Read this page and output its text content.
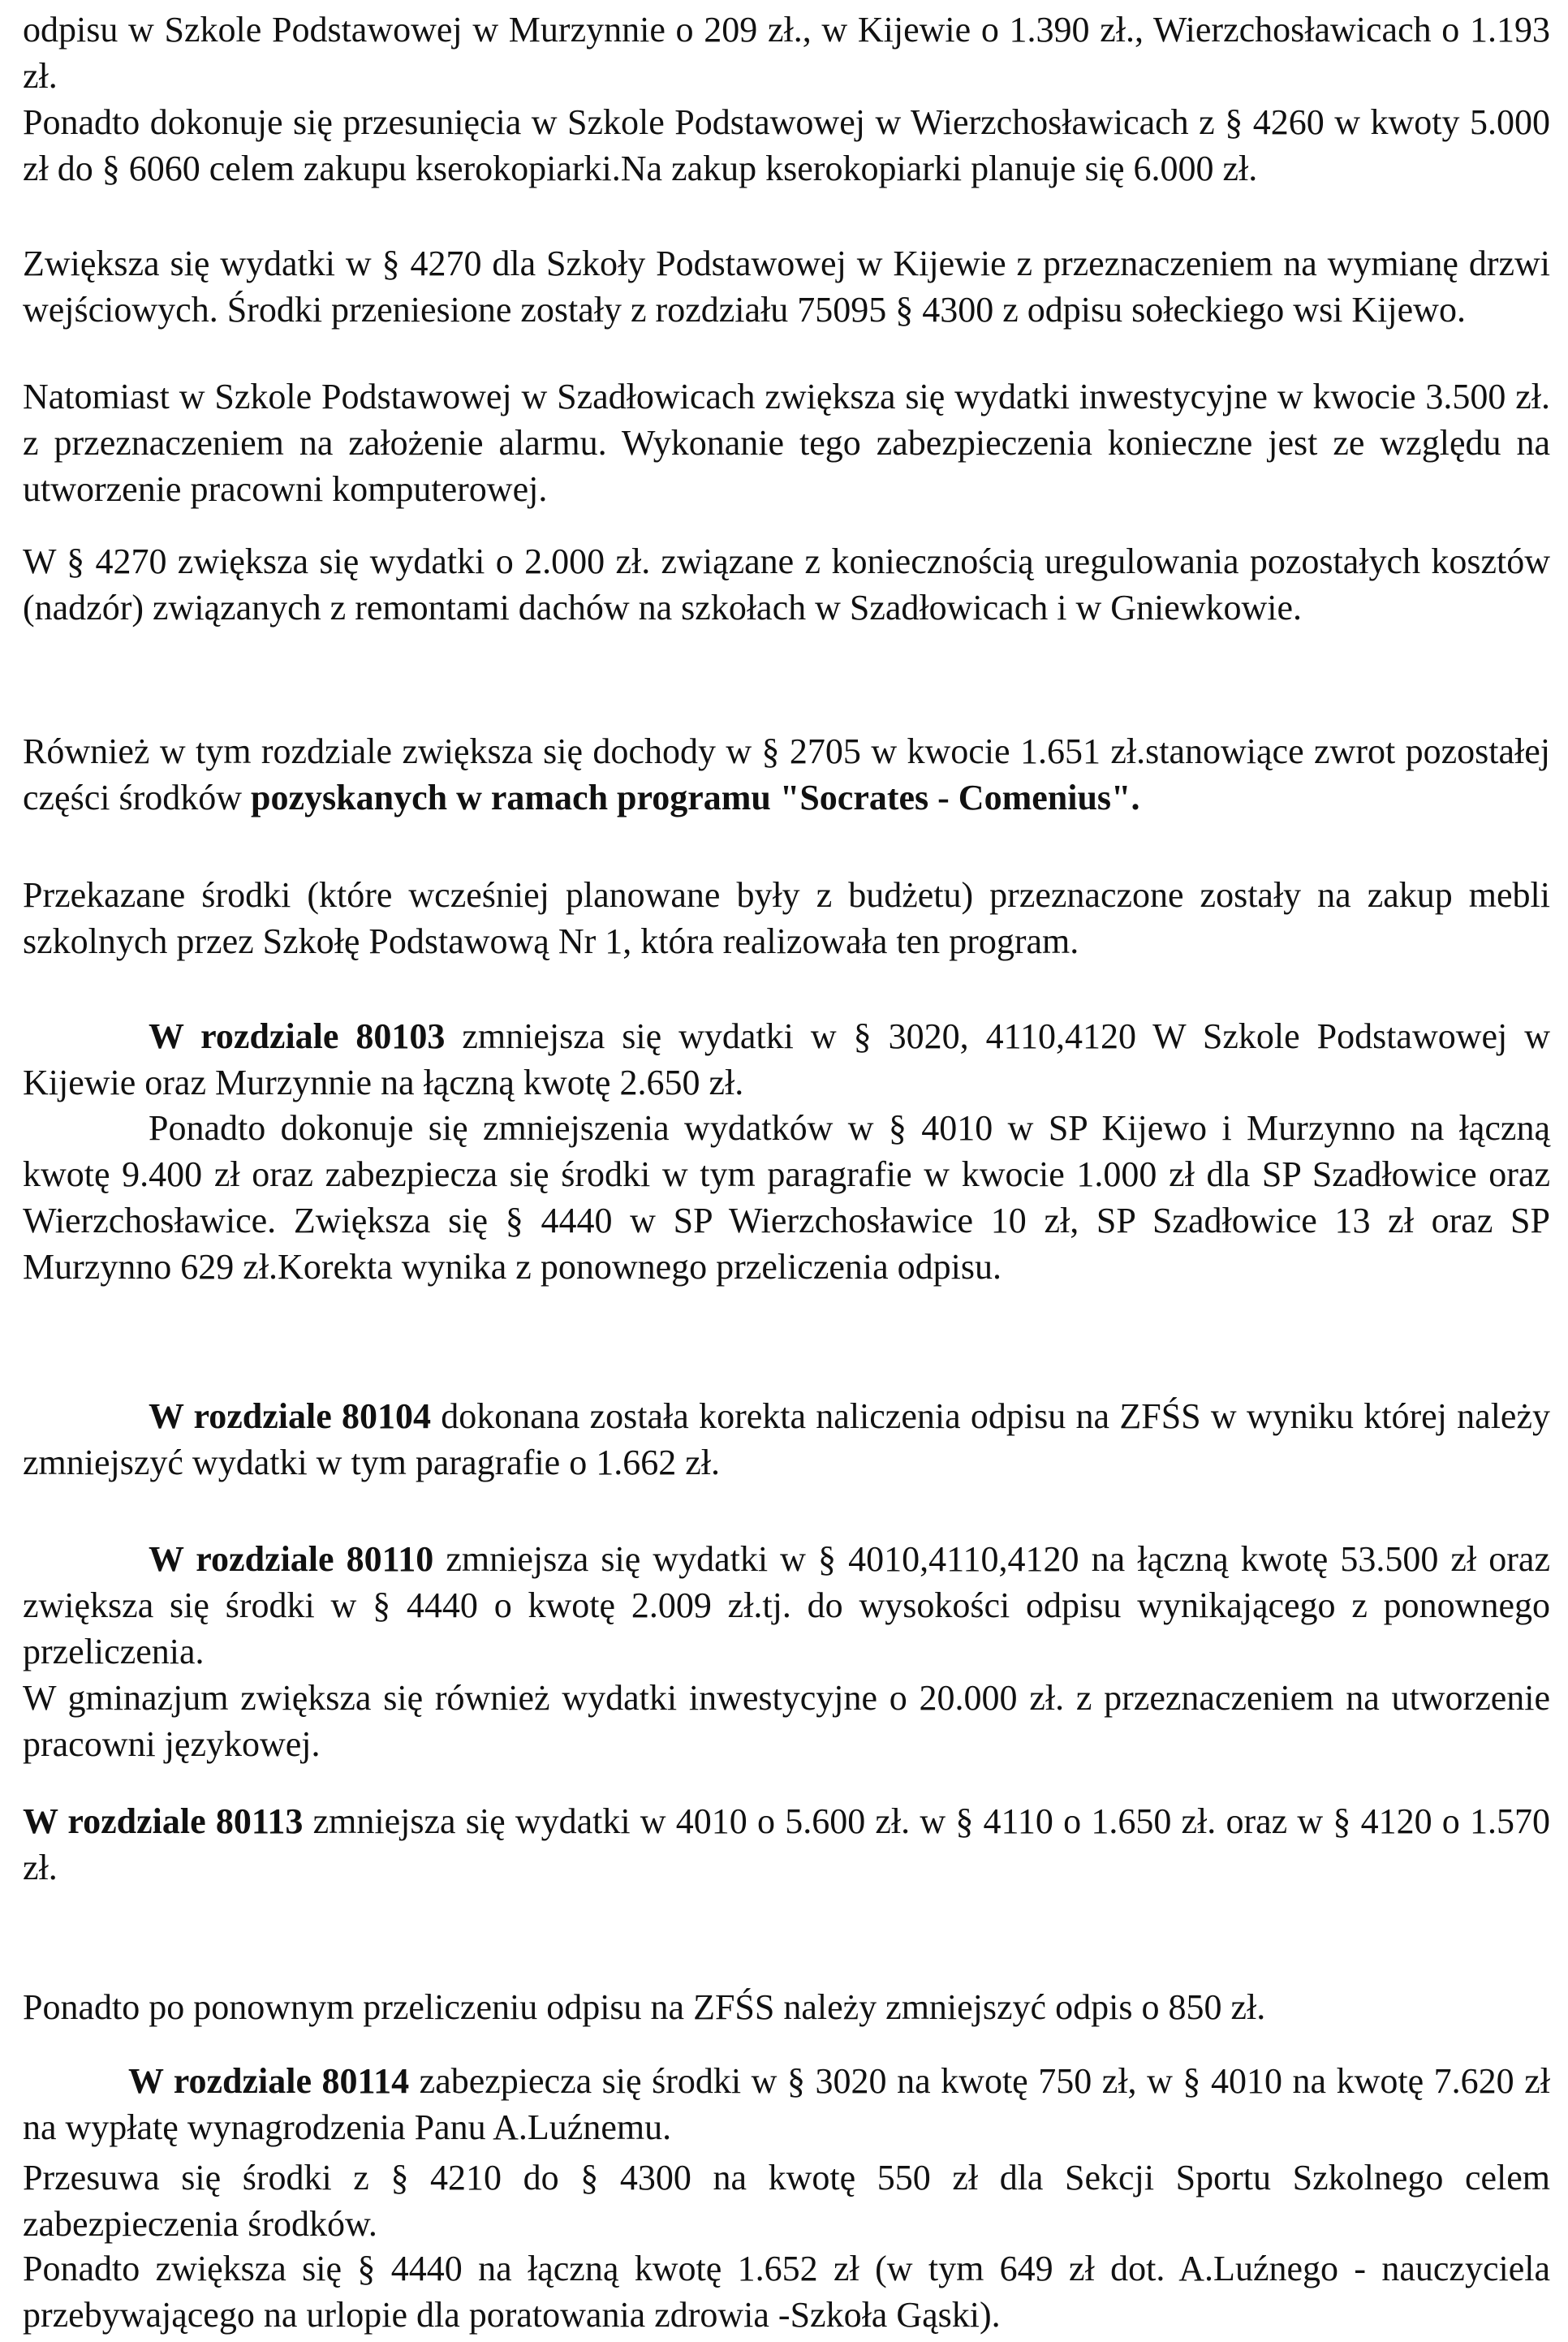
odpisu w Szkole Podstawowej w Murzynnie o 209 zł., w Kijewie o 1.390 zł., Wierzchosławicach o 1.193 zł.

Ponadto dokonuje się przesunięcia w Szkole Podstawowej w Wierzchosławicach z § 4260 w kwoty 5.000 zł do § 6060 celem zakupu kserokopiarki.Na zakup kserokopiarki planuje się 6.000 zł.

Zwiększa się wydatki w § 4270 dla Szkoły Podstawowej w Kijewie z przeznaczeniem na wymianę drzwi wejściowych. Środki przeniesione zostały z rozdziału 75095 § 4300 z odpisu sołeckiego wsi Kijewo.

Natomiast w Szkole Podstawowej w Szadłowicach zwiększa się wydatki inwestycyjne w kwocie 3.500 zł. z przeznaczeniem na założenie alarmu. Wykonanie tego zabezpieczenia konieczne jest ze względu na utworzenie pracowni komputerowej.

W § 4270 zwiększa się wydatki o 2.000 zł. związane z koniecznością uregulowania pozostałych kosztów (nadzór) związanych z remontami dachów na szkołach w Szadłowicach i w Gniewkowie.

Również w tym rozdziale zwiększa się dochody w § 2705 w kwocie 1.651 zł.stanowiące zwrot pozostałej części środków pozyskanych w ramach programu "Socrates - Comenius".

Przekazane środki (które wcześniej planowane były z budżetu) przeznaczone zostały na zakup mebli szkolnych przez Szkołę Podstawową Nr 1, która realizowała ten program.

W rozdziale 80103 zmniejsza się wydatki w § 3020, 4110,4120 W Szkole Podstawowej w Kijewie oraz Murzynnie na łączną kwotę 2.650 zł.

Ponadto dokonuje się zmniejszenia wydatków w § 4010 w SP Kijewo i Murzynno na łączną kwotę 9.400 zł oraz zabezpiecza się środki w tym paragrafie w kwocie 1.000 zł dla SP Szadłowice oraz Wierzchosławice. Zwiększa się § 4440 w SP Wierzchosławice 10 zł, SP Szadłowice 13 zł oraz SP Murzynno 629 zł.Korekta wynika z ponownego przeliczenia odpisu.

W rozdziale 80104 dokonana została korekta naliczenia odpisu na ZFŚS w wyniku której należy zmniejszyć wydatki w tym paragrafie o 1.662 zł.

W rozdziale 80110 zmniejsza się wydatki w § 4010,4110,4120 na łączną kwotę 53.500 zł oraz zwiększa się środki w § 4440 o kwotę 2.009 zł.tj. do wysokości odpisu wynikającego z ponownego przeliczenia.

W gminazjum zwiększa się również wydatki inwestycyjne o 20.000 zł. z przeznaczeniem na utworzenie pracowni językowej.

W rozdziale 80113 zmniejsza się wydatki w 4010 o 5.600 zł. w § 4110 o 1.650 zł. oraz w § 4120 o 1.570 zł.

Ponadto po ponownym przeliczeniu odpisu na ZFŚS należy zmniejszyć odpis o 850 zł.

W rozdziale 80114 zabezpiecza się środki w § 3020 na kwotę 750 zł, w § 4010 na kwotę 7.620 zł na wypłatę wynagrodzenia Panu A.Luźnemu.

Przesuwa się środki z § 4210 do § 4300 na kwotę 550 zł dla Sekcji Sportu Szkolnego celem zabezpieczenia środków.

Ponadto zwiększa się § 4440 na łączną kwotę 1.652 zł (w tym 649 zł dot. A.Luźnego - nauczyciela przebywającego na urlopie dla poratowania zdrowia -Szkoła Gąski).
